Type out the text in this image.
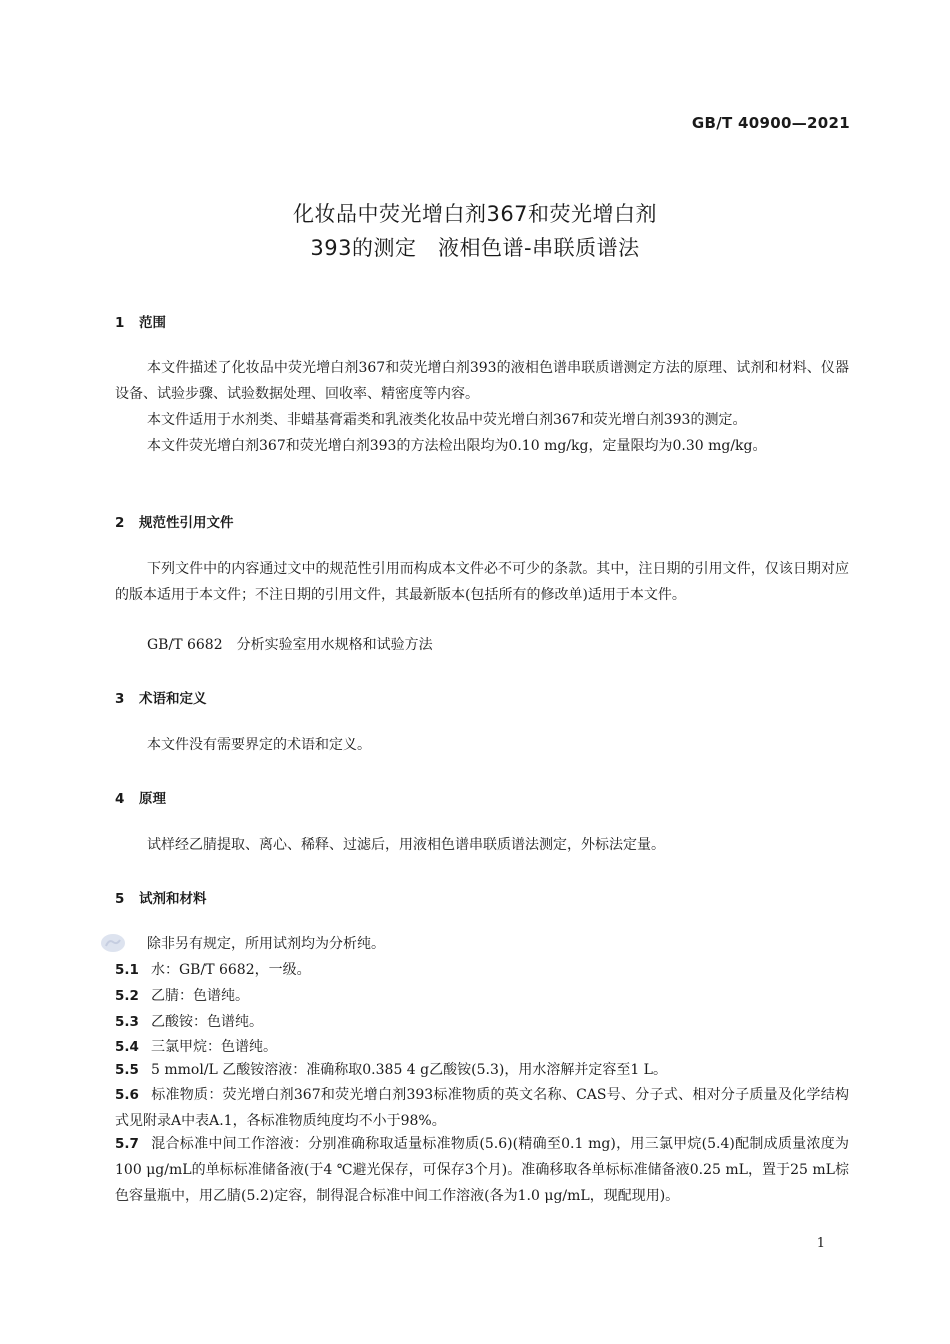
GB/T 40900—2021
化妆品中荧光增白剂367和荧光增白剂
393的测定　液相色谱-串联质谱法
1 范围

本文件描述了化妆品中荧光增白剂367和荧光增白剂393的液相色谱串联质谱测定方法的原理、试剂和材料、仪器设备、试验步骤、试验数据处理、回收率、精密度等内容。

本文件适用于水剂类、非蜡基膏霜类和乳液类化妆品中荧光增白剂367和荧光增白剂393的测定。

本文件荧光增白剂367和荧光增白剂393的方法检出限均为0.10 mg/kg，定量限均为0.30 mg/kg。

2 规范性引用文件

下列文件中的内容通过文中的规范性引用而构成本文件必不可少的条款。其中，注日期的引用文件，仅该日期对应的版本适用于本文件；不注日期的引用文件，其最新版本(包括所有的修改单)适用于本文件。

GB/T 6682　分析实验室用水规格和试验方法
3 术语和定义

本文件没有需要界定的术语和定义。

4 原理

试样经乙腈提取、离心、稀释、过滤后，用液相色谱串联质谱法测定，外标法定量。

5 试剂和材料

除非另有规定，所用试剂均为分析纯。

5.1 水：GB/T 6682，一级。

5.2 乙腈：色谱纯。

5.3 乙酸铵：色谱纯。

5.4 三氯甲烷：色谱纯。

5.5 5 mmol/L 乙酸铵溶液：准确称取0.385 4 g乙酸铵(5.3)，用水溶解并定容至1 L。

5.6 标准物质：荧光增白剂367和荧光增白剂393标准物质的英文名称、CAS号、分子式、相对分子质量及化学结构式见附录A中表A.1，各标准物质纯度均不小于98%。

5.7 混合标准中间工作溶液：分别准确称取适量标准物质(5.6)(精确至0.1 mg)，用三氯甲烷(5.4)配制成质量浓度为100 μg/mL的单标标准储备液(于4 ℃避光保存，可保存3个月)。准确移取各单标标准储备液0.25 mL，置于25 mL棕色容量瓶中，用乙腈(5.2)定容，制得混合标准中间工作溶液(各为1.0 μg/mL，现配现用)。

1
